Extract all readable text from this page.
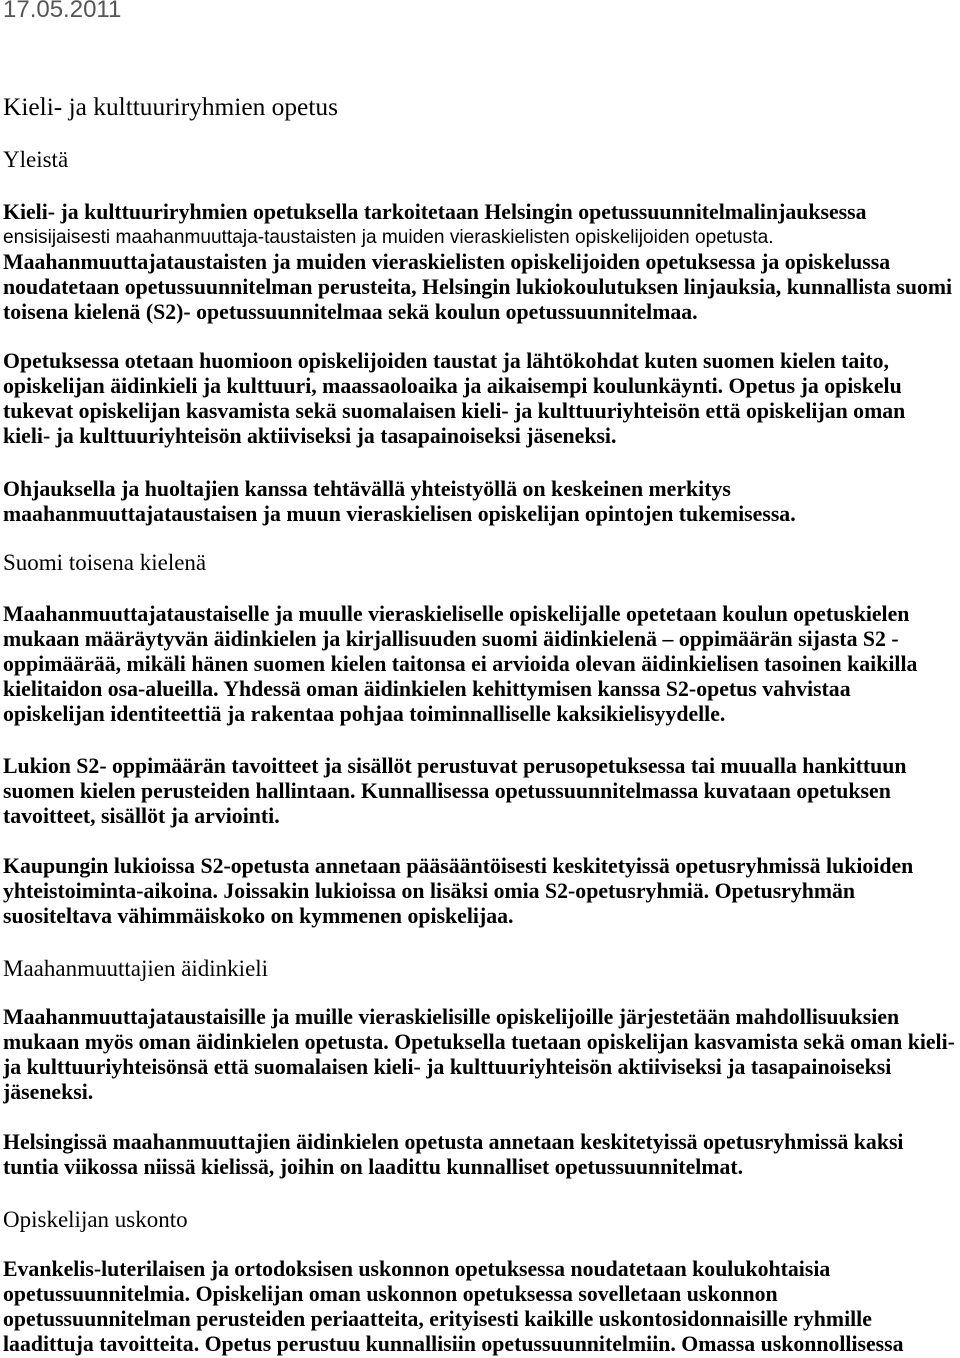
17.05.2011
Kieli- ja kulttuuriryhmien opetus
Yleistä
Kieli- ja kulttuuriryhmien opetuksella tarkoitetaan Helsingin opetussuunnitelmalinjauksessa
ensisijaisesti maahanmuuttaja-taustaisten ja muiden vieraskielisten opiskelijoiden opetusta.
Maahanmuuttajataustaisten ja muiden vieraskielisten opiskelijoiden opetuksessa ja opiskelussa
noudatetaan opetussuunnitelman perusteita, Helsingin lukiokoulutuksen linjauksia, kunnallista suomi
toisena kielenä (S2)- opetussuunnitelmaa sekä koulun opetussuunnitelmaa.
Opetuksessa otetaan huomioon opiskelijoiden taustat ja lähtökohdat kuten suomen kielen taito,
opiskelijan äidinkieli ja kulttuuri, maassaoloaika ja aikaisempi koulunkäynti. Opetus ja opiskelu
tukevat opiskelijan kasvamista sekä suomalaisen kieli- ja kulttuuriyhteisön että opiskelijan oman
kieli- ja kulttuuriyhteisön aktiiviseksi ja tasapainoiseksi jäseneksi.
Ohjauksella ja huoltajien kanssa tehtävällä yhteistyöllä on keskeinen merkitys
maahanmuuttajataustaisen ja muun vieraskielisen opiskelijan opintojen tukemisessa.
Suomi toisena kielenä
Maahanmuuttajataustaiselle ja muulle vieraskieliselle opiskelijalle opetetaan koulun opetuskielen
mukaan määräytyvän äidinkielen ja kirjallisuuden suomi äidinkielenä – oppimäärän sijasta S2 -
oppimäärää, mikäli hänen suomen kielen taitonsa ei arvioida olevan äidinkielisen tasoinen kaikilla
kielitaidon osa-alueilla. Yhdessä oman äidinkielen kehittymisen kanssa S2-opetus vahvistaa
opiskelijan identiteettiä ja rakentaa pohjaa toiminnalliselle kaksikielisyydelle.
Lukion S2- oppimäärän tavoitteet ja sisällöt perustuvat perusopetuksessa tai muualla hankittuun
suomen kielen perusteiden hallintaan. Kunnallisessa opetussuunnitelmassa kuvataan opetuksen
tavoitteet, sisällöt ja arviointi.
Kaupungin lukioissa S2-opetusta annetaan pääsääntöisesti keskitetyissä opetusryhmissä lukioiden
yhteistoiminta-aikoina. Joissakin lukioissa on lisäksi omia S2-opetusryhmiä. Opetusryhmän
suositeltava vähimmäiskoko on kymmenen opiskelijaa.
Maahanmuuttajien äidinkieli
Maahanmuuttajataustaisille ja muille vieraskielisille opiskelijoille järjestetään mahdollisuuksien
mukaan myös oman äidinkielen opetusta. Opetuksella tuetaan opiskelijan kasvamista sekä oman kieli-
ja kulttuuriyhteisönsä että suomalaisen kieli- ja kulttuuriyhteisön aktiiviseksi ja tasapainoiseksi
jäseneksi.
Helsingissä maahanmuuttajien äidinkielen opetusta annetaan keskitetyissä opetusryhmissä kaksi
tuntia viikossa niissä kielissä, joihin on laadittu kunnalliset opetussuunnitelmat.
Opiskelijan uskonto
Evankelis-luterilaisen ja ortodoksisen uskonnon opetuksessa noudatetaan koulukohtaisia
opetussuunnitelmia. Opiskelijan oman uskonnon opetuksessa sovelletaan uskonnon
opetussuunnitelman perusteiden periaatteita, erityisesti kaikille uskontosidonnaisille ryhmille
laadittuja tavoitteita. Opetus perustuu kunnallisiin opetussuunnitelmiin. Omassa uskonnollisessa
